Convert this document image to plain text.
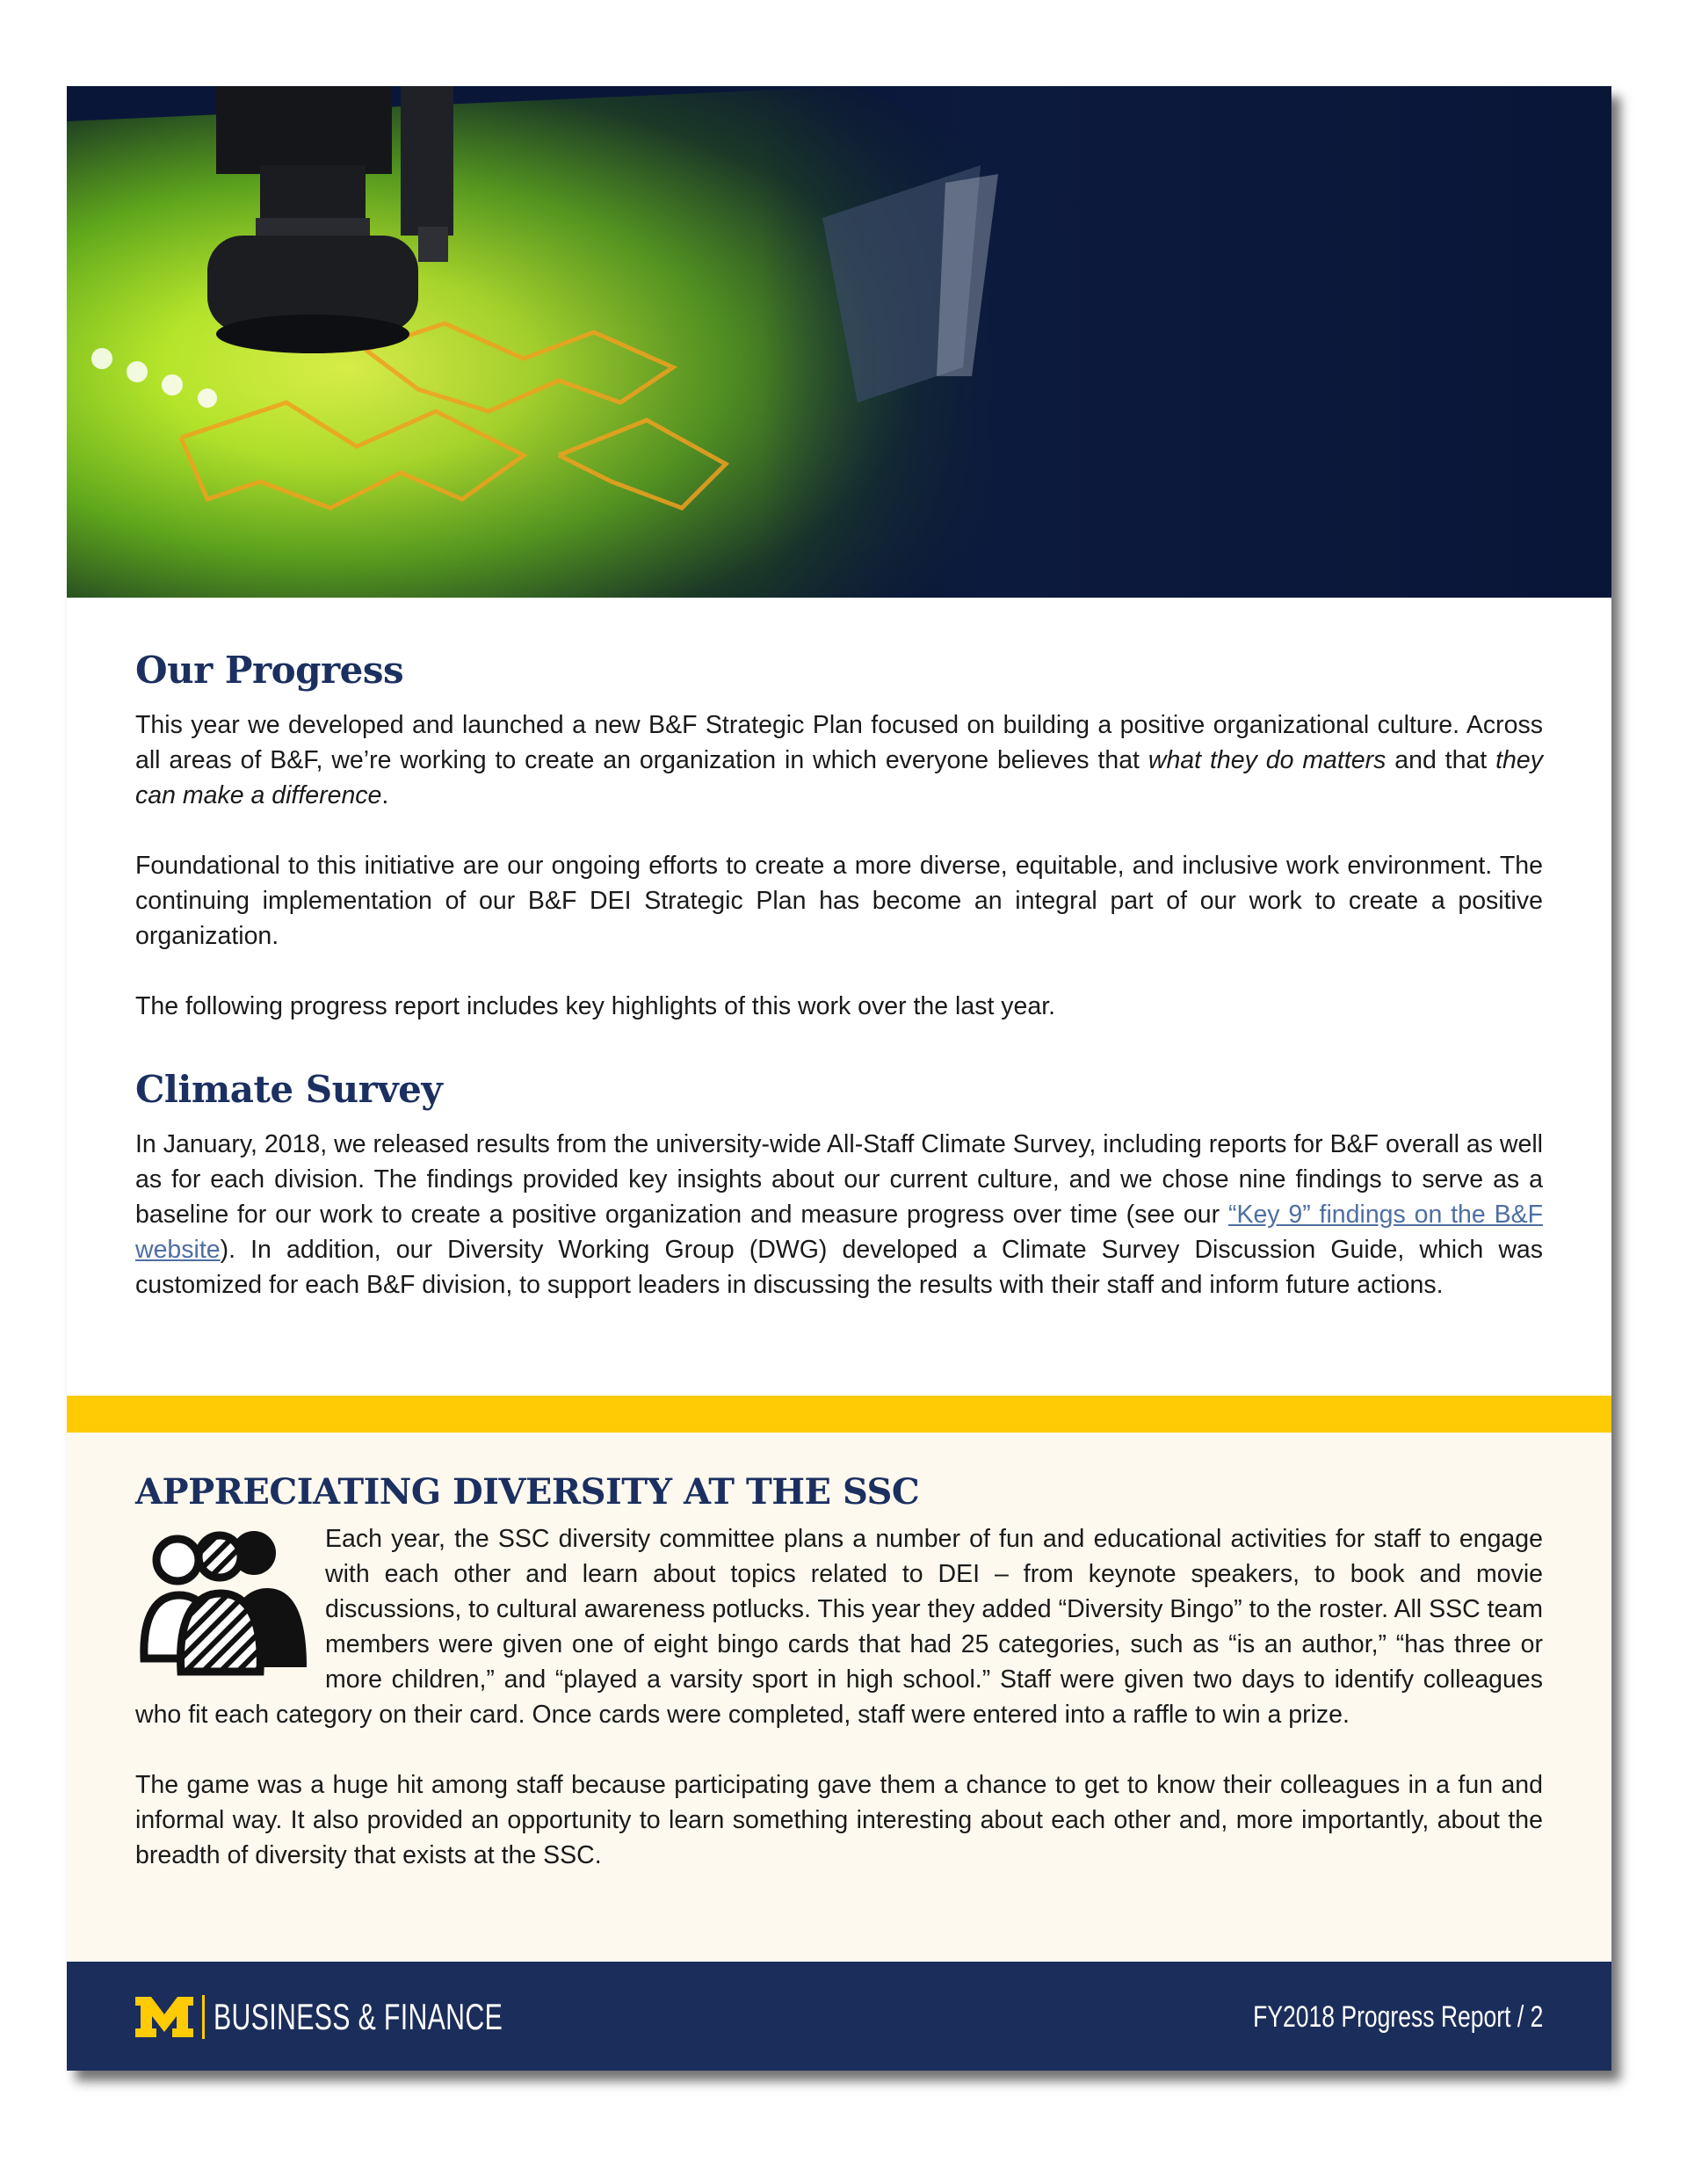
Our Progress

This year we developed and launched a new B&F Strategic Plan focused on building a positive organizational culture. Across all areas of B&F, we’re working to create an organization in which everyone believes that what they do matters and that they can make a difference.

Foundational to this initiative are our ongoing efforts to create a more diverse, equitable, and inclusive work environment. The continuing implementation of our B&F DEI Strategic Plan has become an integral part of our work to create a positive organization.

The following progress report includes key highlights of this work over the last year.

Climate Survey

In January, 2018, we released results from the university-wide All-Staff Climate Survey, including reports for B&F overall as well as for each division. The findings provided key insights about our current culture, and we chose nine findings to serve as a baseline for our work to create a positive organization and measure progress over time (see our “Key 9” findings on the B&F website). In addition, our Diversity Working Group (DWG) developed a Climate Survey Discussion Guide, which was customized for each B&F division, to support leaders in discussing the results with their staff and inform future actions.

APPRECIATING DIVERSITY AT THE SSC

Each year, the SSC diversity committee plans a number of fun and educational activities for staff to engage with each other and learn about topics related to DEI – from keynote speakers, to book and movie discussions, to cultural awareness potlucks. This year they added “Diversity Bingo” to the roster. All SSC team members were given one of eight bingo cards that had 25 categories, such as “is an author,” “has three or more children,” and “played a varsity sport in high school.” Staff were given two days to identify colleagues who fit each category on their card. Once cards were completed, staff were entered into a raffle to win a prize.

The game was a huge hit among staff because participating gave them a chance to get to know their colleagues in a fun and informal way. It also provided an opportunity to learn something interesting about each other and, more importantly, about the breadth of diversity that exists at the SSC.

BUSINESS & FINANCE	FY2018 Progress Report / 2
